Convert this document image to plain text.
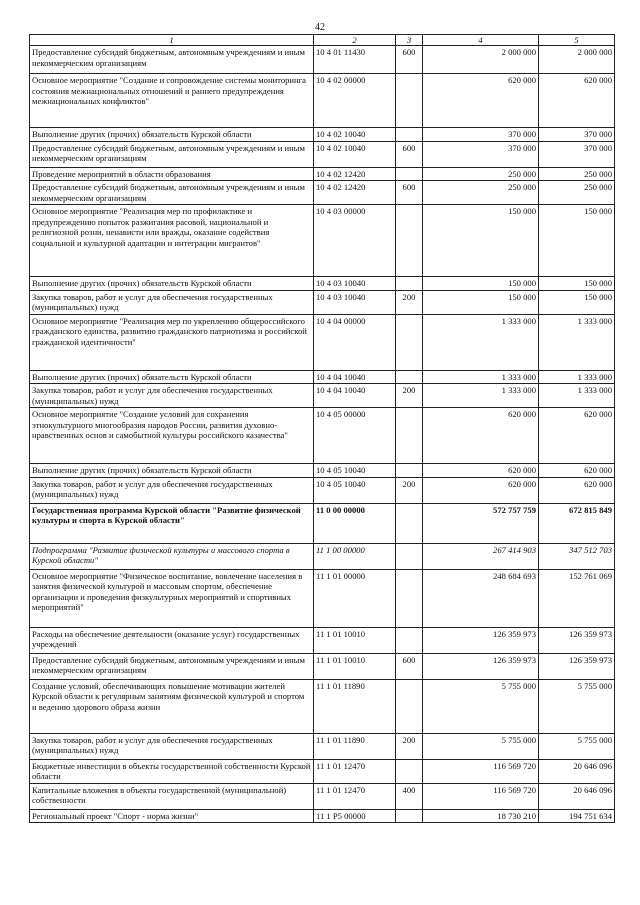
42
1	2	3	4	5
Предоставление субсидий бюджетным, автономным учреждениям и иным некоммерческим организациям	10 4 01 11430	600	2 000 000	2 000 000
Основное мероприятие "Создание и сопровождение системы мониторинга состояния межнациональных отношений и раннего предупреждения межнациональных конфликтов"	10 4 02 00000		620 000	620 000
Выполнение других (прочих) обязательств Курской области	10 4 02 10040		370 000	370 000
Предоставление субсидий бюджетным, автономным учреждениям и иным некоммерческим организациям	10 4 02 10040	600	370 000	370 000
Проведение мероприятий в области образования	10 4 02 12420		250 000	250 000
Предоставление субсидий бюджетным, автономным учреждениям и иным некоммерческим организациям	10 4 02 12420	600	250 000	250 000
Основное мероприятие "Реализация мер по профилактике и предупреждению попыток разжигания расовой, национальной и религиозной розни, ненависти или вражды, оказание содействия социальной и культурной адаптации и интеграции мигрантов"	10 4 03 00000		150 000	150 000
Выполнение других (прочих) обязательств Курской области	10 4 03 10040		150 000	150 000
Закупка товаров, работ и услуг для обеспечения государственных (муниципальных) нужд	10 4 03 10040	200	150 000	150 000
Основное мероприятие "Реализация мер по укреплению общероссийского гражданского единства, развитию гражданского патриотизма и российской гражданской идентичности"	10 4 04 00000		1 333 000	1 333 000
Выполнение других (прочих) обязательств Курской области	10 4 04 10040		1 333 000	1 333 000
Закупка товаров, работ и услуг для обеспечения государственных (муниципальных) нужд	10 4 04 10040	200	1 333 000	1 333 000
Основное мероприятие "Создание условий для сохранения этнокультурного многообразия народов России, развития духовно-нравственных основ и самобытной культуры российского казачества"	10 4 05 00000		620 000	620 000
Выполнение других (прочих) обязательств Курской области	10 4 05 10040		620 000	620 000
Закупка товаров, работ и услуг для обеспечения государственных (муниципальных) нужд	10 4 05 10040	200	620 000	620 000
Государственная программа Курской области "Развитие физической культуры и спорта в Курской области"	11 0 00 00000		572 757 759	672 815 849
Подпрограмма "Развитие физической культуры и массового спорта в Курской области"	11 1 00 00000		267 414 903	347 512 703
Основное мероприятие "Физическое воспитание, вовлечение населения в занятия физической культурой и массовым спортом, обеспечение организации и проведения физкультурных мероприятий и спортивных мероприятий"	11 1 01 00000		248 684 693	152 761 069
Расходы на обеспечение деятельности (оказание услуг) государственных учреждений	11 1 01 10010		126 359 973	126 359 973
Предоставление субсидий бюджетным, автономным учреждениям и иным некоммерческим организациям	11 1 01 10010	600	126 359 973	126 359 973
Создание условий, обеспечивающих повышение мотивации жителей Курской области к регулярным занятиям физической культурой и спортом и ведению здорового образа жизни	11 1 01 11890		5 755 000	5 755 000
Закупка товаров, работ и услуг для обеспечения государственных (муниципальных) нужд	11 1 01 11890	200	5 755 000	5 755 000
Бюджетные инвестиции в объекты государственной собственности Курской области	11 1 01 12470		116 569 720	20 646 096
Капитальные вложения в объекты государственной (муниципальной) собственности	11 1 01 12470	400	116 569 720	20 646 096
Региональный проект "Спорт - норма жизни"	11 1 P5 00000		18 730 210	194 751 634
